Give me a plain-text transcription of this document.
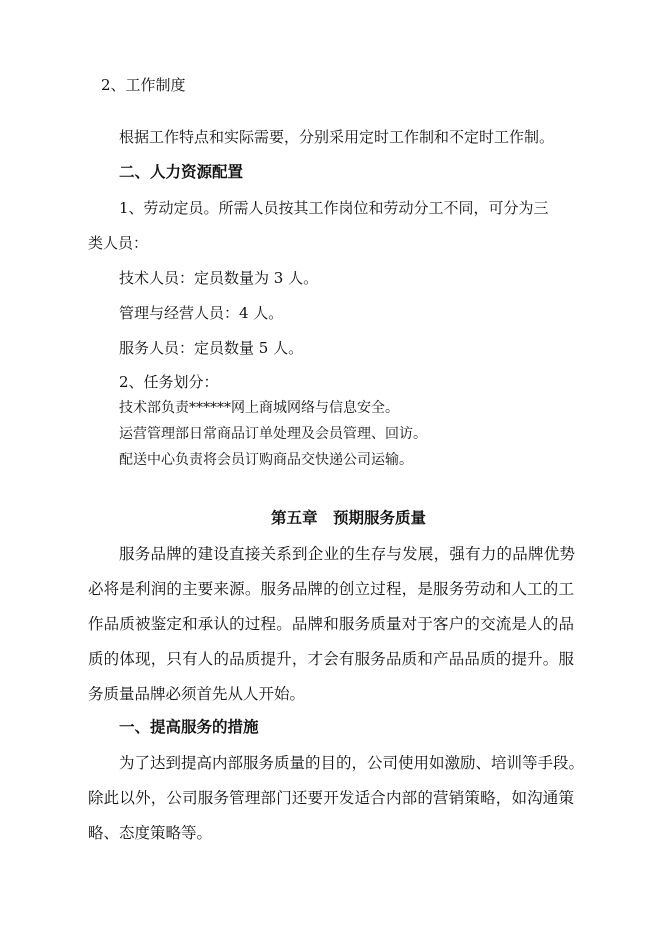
2、工作制度
根据工作特点和实际需要，分别采用定时工作制和不定时工作制。
二、人力资源配置
1、劳动定员。所需人员按其工作岗位和劳动分工不同，可分为三
类人员：
技术人员：定员数量为 3 人。
管理与经营人员：4 人。
服务人员：定员数量 5 人。
2、任务划分：
技术部负责******网上商城网络与信息安全。
运营管理部日常商品订单处理及会员管理、回访。
配送中心负责将会员订购商品交快递公司运输。
第五章　预期服务质量
服务品牌的建设直接关系到企业的生存与发展，强有力的品牌优势
必将是利润的主要来源。服务品牌的创立过程，是服务劳动和人工的工
作品质被鉴定和承认的过程。品牌和服务质量对于客户的交流是人的品
质的体现，只有人的品质提升，才会有服务品质和产品品质的提升。服
务质量品牌必须首先从人开始。
一、提高服务的措施
为了达到提高内部服务质量的目的，公司使用如激励、培训等手段。
除此以外，公司服务管理部门还要开发适合内部的营销策略，如沟通策
略、态度策略等。
